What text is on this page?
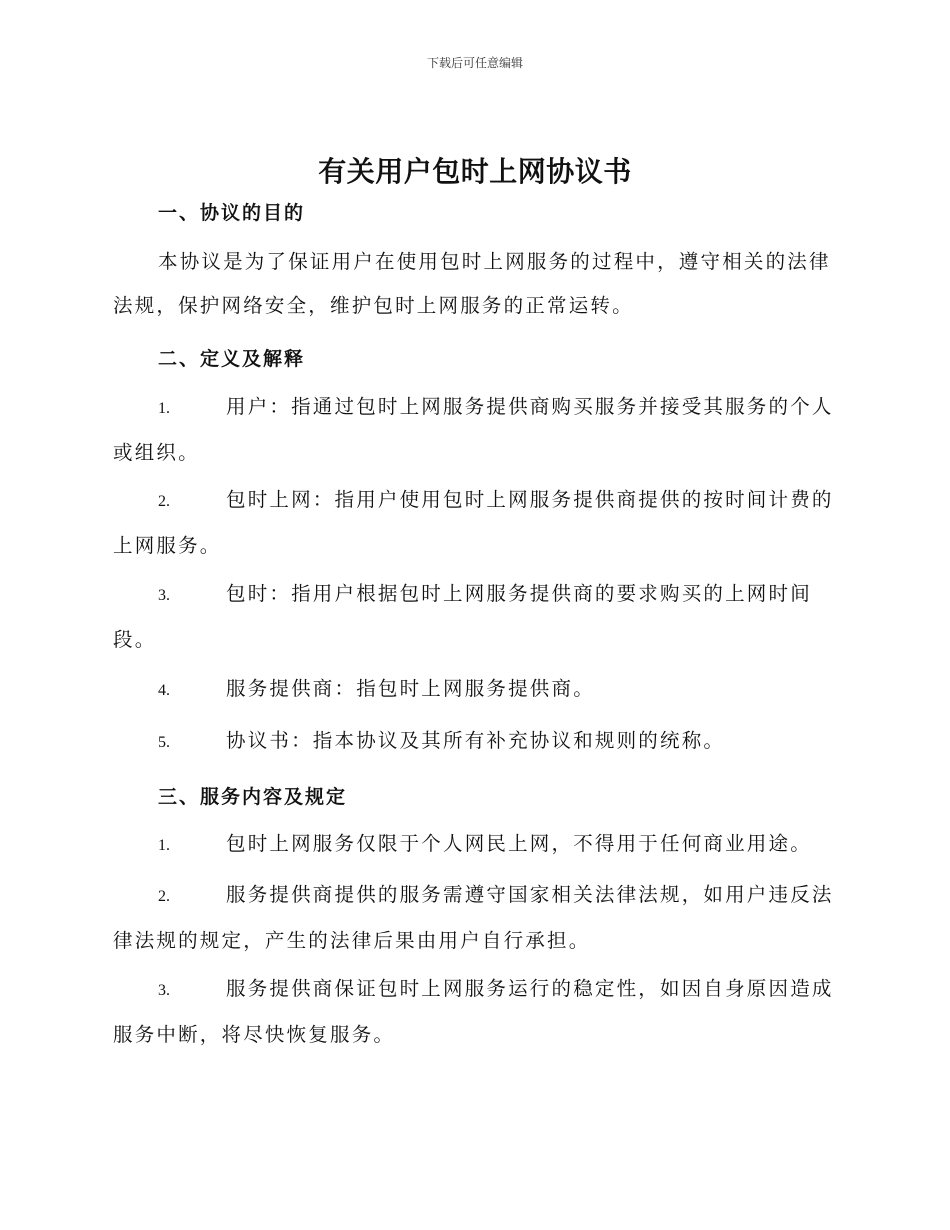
下载后可任意编辑
有关用户包时上网协议书
一、协议的目的

本协议是为了保证用户在使用包时上网服务的过程中，遵守相关的法律法规，保护网络安全，维护包时上网服务的正常运转。

二、定义及解释

1.	用户：指通过包时上网服务提供商购买服务并接受其服务的个人或组织。

2.	包时上网：指用户使用包时上网服务提供商提供的按时间计费的上网服务。

3.	包时：指用户根据包时上网服务提供商的要求购买的上网时间段。

4.	服务提供商：指包时上网服务提供商。

5.	协议书：指本协议及其所有补充协议和规则的统称。

三、服务内容及规定

1.	包时上网服务仅限于个人网民上网，不得用于任何商业用途。

2.	服务提供商提供的服务需遵守国家相关法律法规，如用户违反法律法规的规定，产生的法律后果由用户自行承担。

3.	服务提供商保证包时上网服务运行的稳定性，如因自身原因造成服务中断，将尽快恢复服务。
